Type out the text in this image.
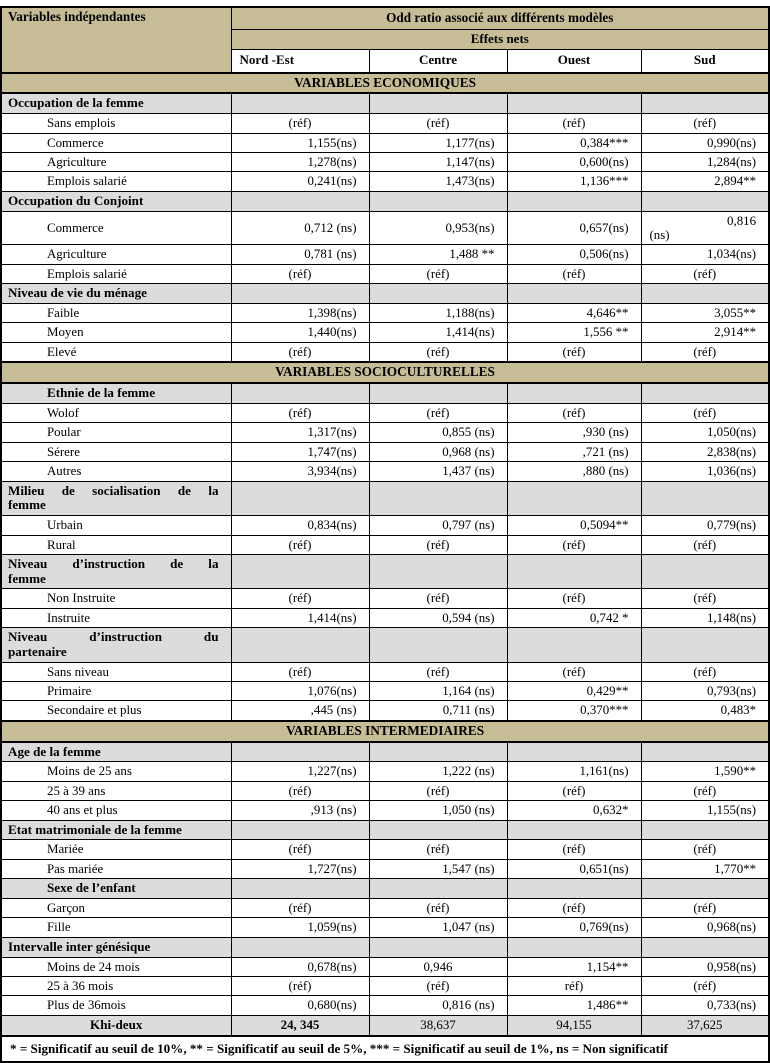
Variables indépendantes	Odd ratio associé aux différents modèles			
	Effets nets			
	Nord -Est	Centre	Ouest	Sud
VARIABLES ECONOMIQUES				
Occupation de la femme				
Sans emplois	(réf)	(réf)	(réf)	(réf)
Commerce	1,155(ns)	1,177(ns)	0,384***	0,990(ns)
Agriculture	1,278(ns)	1,147(ns)	0,600(ns)	1,284(ns)
Emplois salarié	0,241(ns)	1,473(ns)	1,136***	2,894**
Occupation du Conjoint				
Commerce	0,712 (ns)	0,953(ns)	0,657(ns)	0,816
(ns)

Agriculture	0,781 (ns)	1,488 **	0,506(ns)	1,034(ns)
Emplois salarié	(réf)	(réf)	(réf)	(réf)
Niveau de vie du ménage				
Faible	1,398(ns)	1,188(ns)	4,646**	3,055**
Moyen	1,440(ns)	1,414(ns)	1,556 **	2,914**
Elevé	(réf)	(réf)	(réf)	(réf)
VARIABLES SOCIOCULTURELLES				
Ethnie de la femme				
Wolof	(réf)	(réf)	(réf)	(réf)
Poular	1,317(ns)	0,855 (ns)	,930 (ns)	1,050(ns)
Sérere	1,747(ns)	0,968 (ns)	,721 (ns)	2,838(ns)
Autres	3,934(ns)	1,437 (ns)	,880 (ns)	1,036(ns)

Milieu de socialisation de la
femme				

Urbain	0,834(ns)	0,797 (ns)	0,5094**	0,779(ns)
Rural	(réf)	(réf)	(réf)	(réf)

Niveau d’instruction de la
femme				

Non Instruite	(réf)	(réf)	(réf)	(réf)
Instruite	1,414(ns)	0,594 (ns)	0,742 *	1,148(ns)

Niveau d’instruction du
partenaire				

Sans niveau	(réf)	(réf)	(réf)	(réf)
Primaire	1,076(ns)	1,164 (ns)	0,429**	0,793(ns)
Secondaire et plus	,445 (ns)	0,711 (ns)	0,370***	0,483*
VARIABLES INTERMEDIAIRES				
Age de la femme				
Moins de 25 ans	1,227(ns)	1,222 (ns)	1,161(ns)	1,590**
25 à 39 ans	(réf)	(réf)	(réf)	(réf)
40 ans et plus	,913 (ns)	1,050 (ns)	0,632*	1,155(ns)
Etat matrimoniale de la femme				
Mariée	(réf)	(réf)	(réf)	(réf)
Pas mariée	1,727(ns)	1,547 (ns)	0,651(ns)	1,770**
Sexe de l’enfant				
Garçon	(réf)	(réf)	(réf)	(réf)
Fille	1,059(ns)	1,047 (ns)	0,769(ns)	0,968(ns)
Intervalle inter génésique				
Moins de 24 mois	0,678(ns)	0,946	1,154**	0,958(ns)
25 à 36 mois	(réf)	(réf)	réf)	(réf)
Plus de 36mois	0,680(ns)	0,816 (ns)	1,486**	0,733(ns)
Khi-deux	24, 345	38,637	94,155	37,625
* = Significatif au seuil de 10%, ** = Significatif au seuil de 5%, *** = Significatif au seuil de 1%, ns = Non significatif				
